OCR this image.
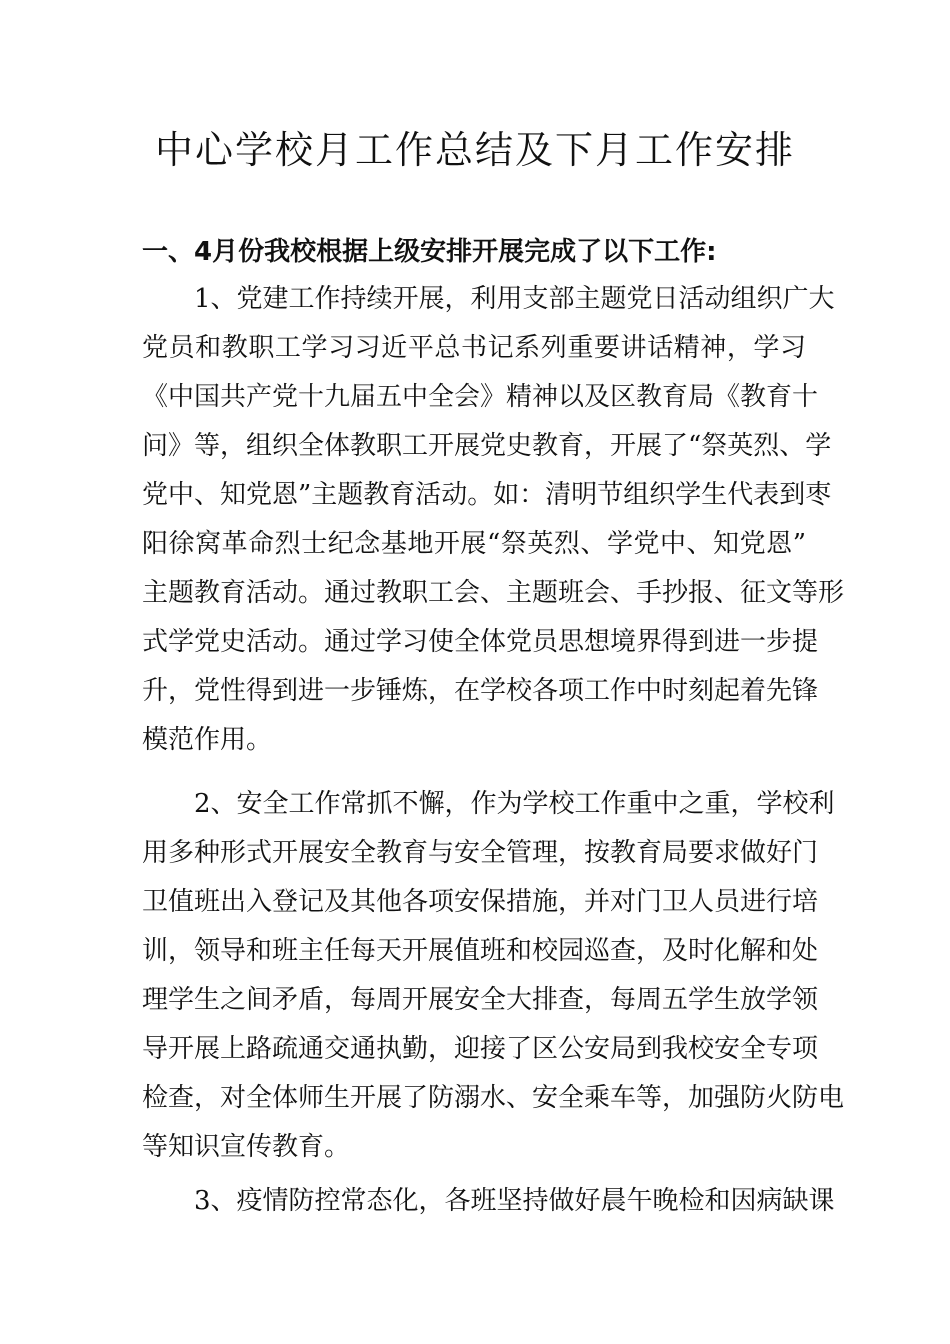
中心学校月工作总结及下月工作安排
一、4月份我校根据上级安排开展完成了以下工作:
1、党建工作持续开展，利用支部主题党日活动组织广大
党员和教职工学习习近平总书记系列重要讲话精神，学习
《中国共产党十九届五中全会》精神以及区教育局《教育十
问》等，组织全体教职工开展党史教育，开展了“祭英烈、学
党中、知党恩”主题教育活动。如：清明节组织学生代表到枣
阳徐窝革命烈士纪念基地开展“祭英烈、学党中、知党恩”
主题教育活动。通过教职工会、主题班会、手抄报、征文等形
式学党史活动。通过学习使全体党员思想境界得到进一步提
升，党性得到进一步锤炼，在学校各项工作中时刻起着先锋
模范作用。
2、安全工作常抓不懈，作为学校工作重中之重，学校利
用多种形式开展安全教育与安全管理，按教育局要求做好门
卫值班出入登记及其他各项安保措施，并对门卫人员进行培
训，领导和班主任每天开展值班和校园巡查，及时化解和处
理学生之间矛盾，每周开展安全大排查，每周五学生放学领
导开展上路疏通交通执勤，迎接了区公安局到我校安全专项
检查，对全体师生开展了防溺水、安全乘车等，加强防火防电
等知识宣传教育。
3、疫情防控常态化，各班坚持做好晨午晚检和因病缺课
